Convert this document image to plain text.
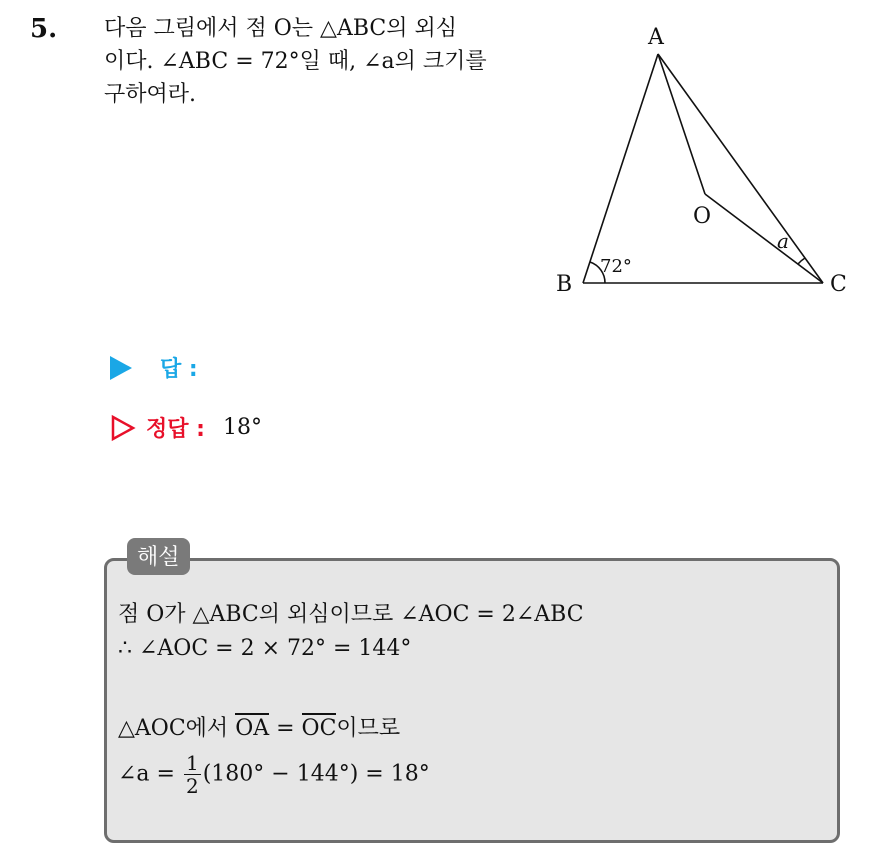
5. 다음 그림에서 점 O는 △ABC의 외심
이다. ∠ABC = 72°일 때, ∠a의 크기를
구하여라.
A
B	C
O
72°
a
답 :
정답 : 18°
해설
점 O가 △ABC의 외심이므로 ∠AOC = 2∠ABC
∴ ∠AOC = 2 × 72° = 144°
△AOC에서 OA = OC이므로
∠a = $\frac{1}{2} (180^\circ - 144^\circ) = 18^\circ$
